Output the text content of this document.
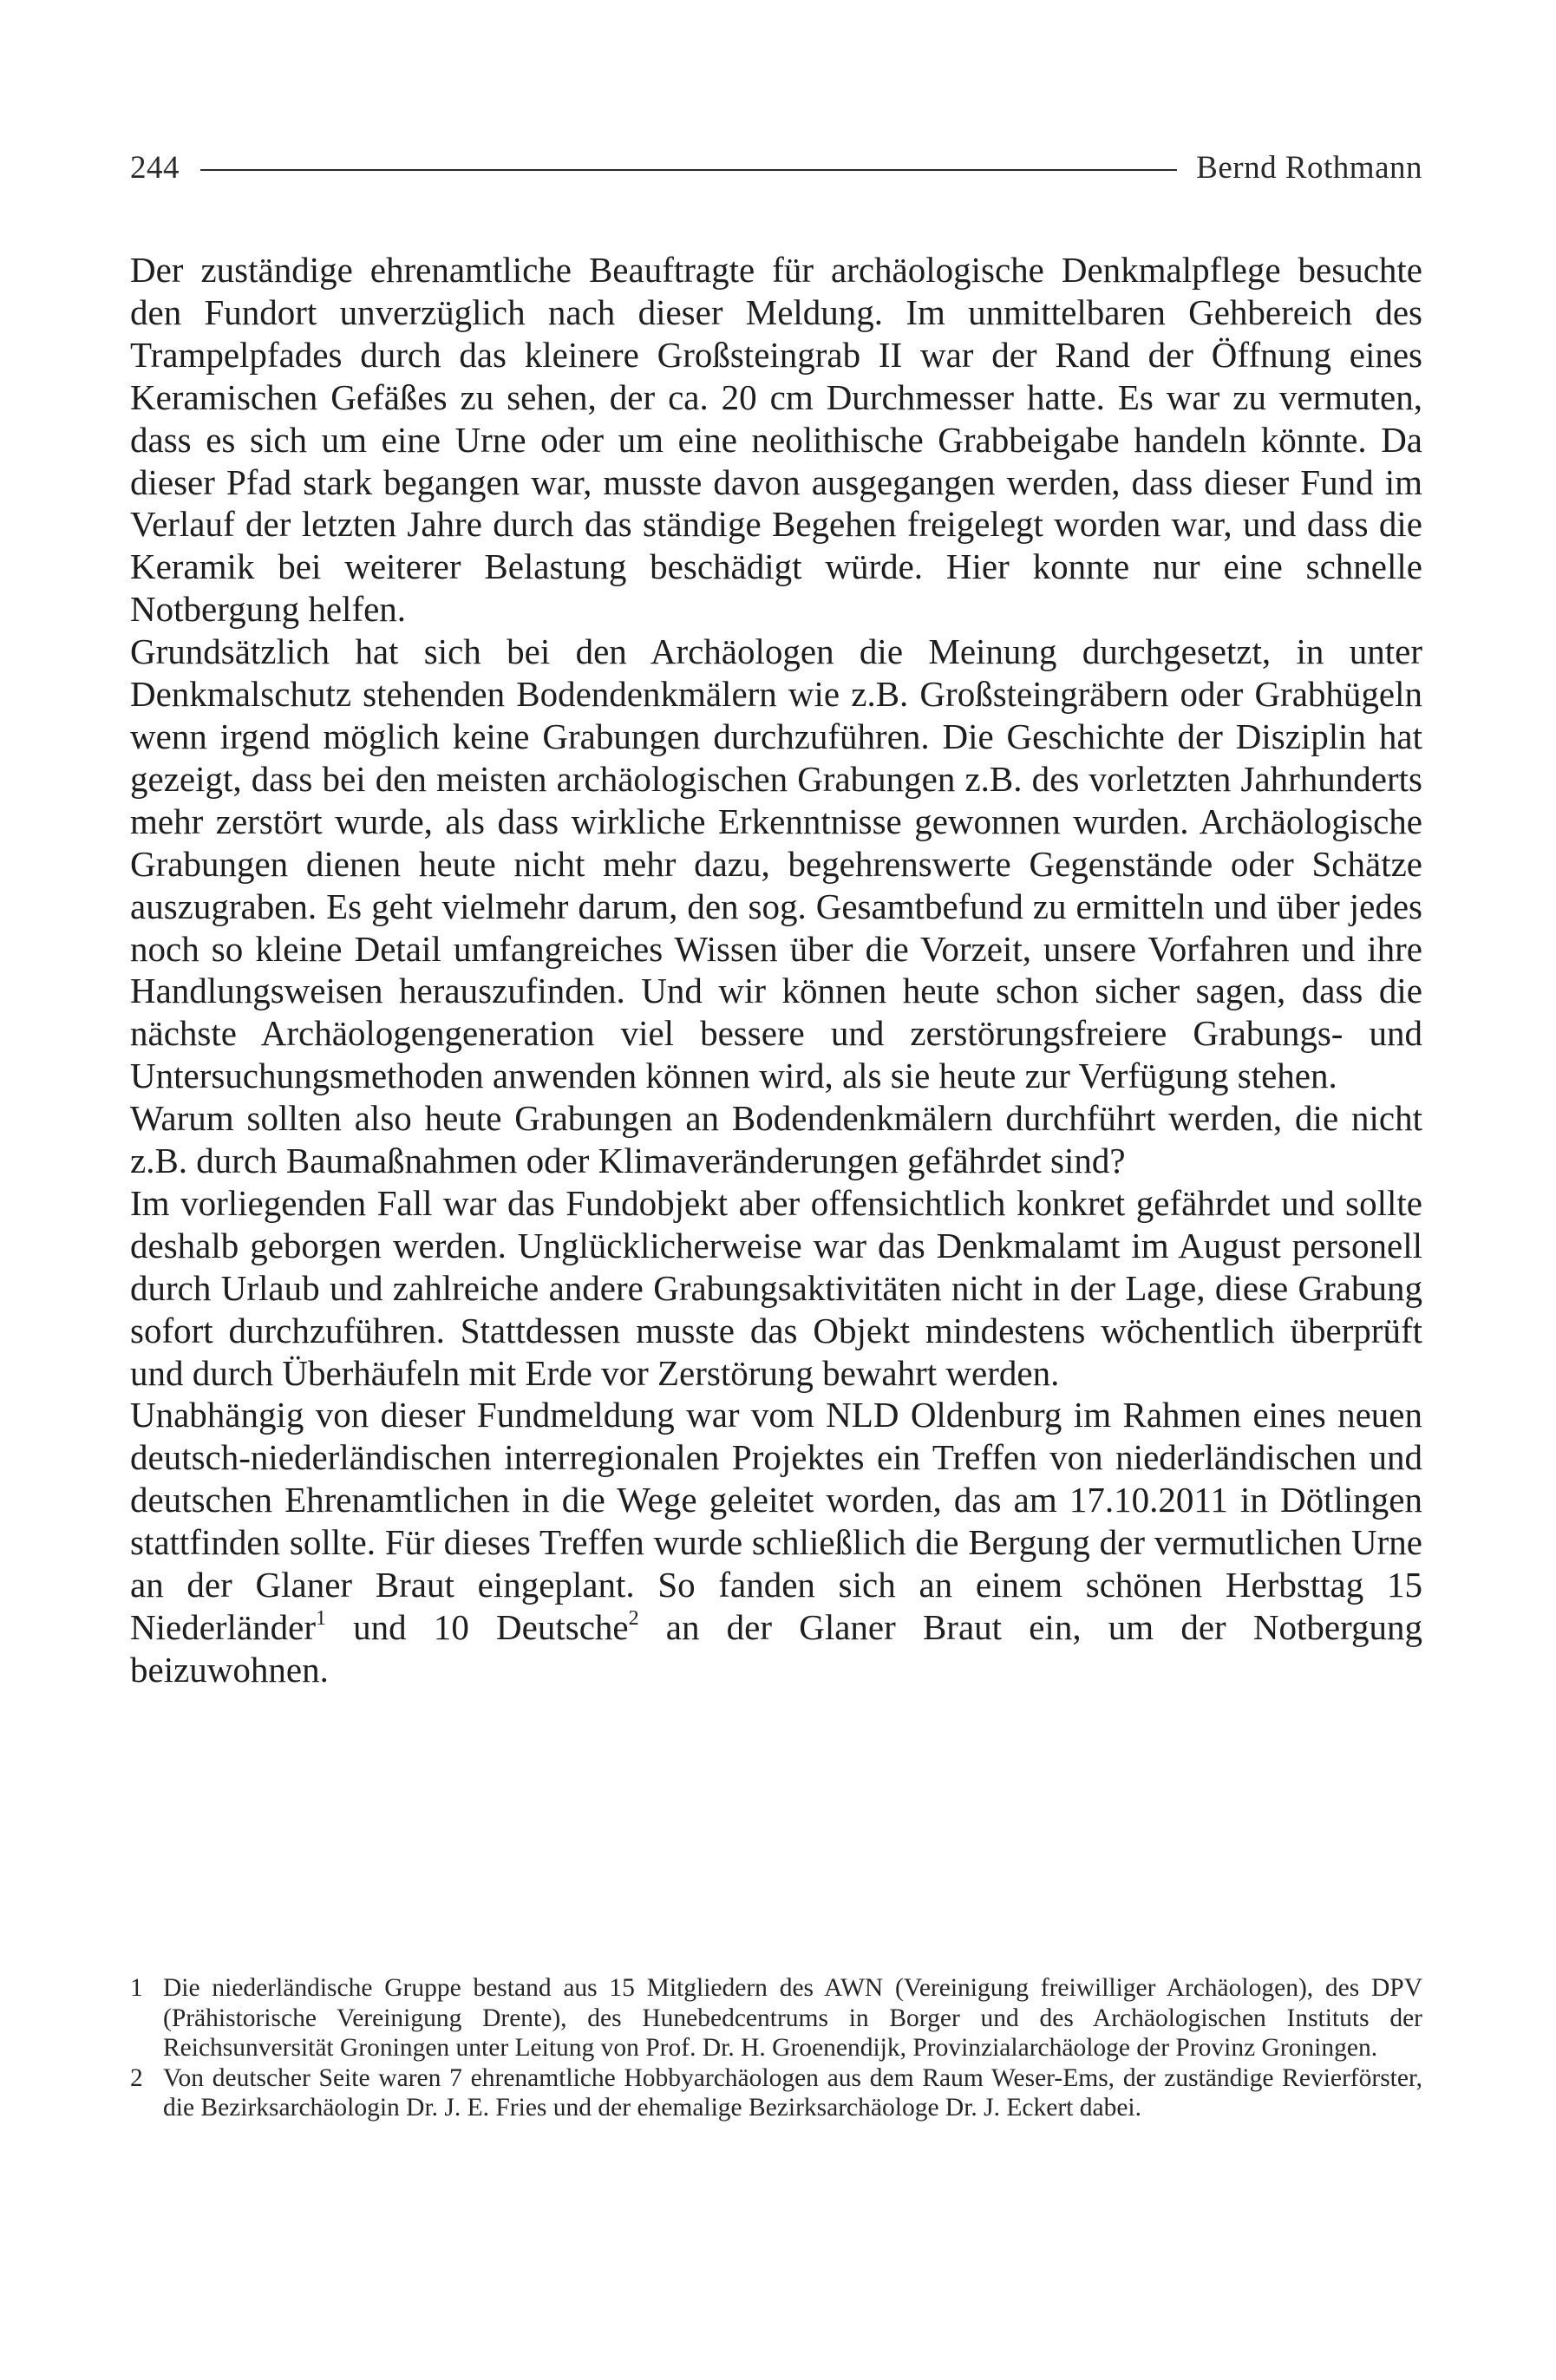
244	Bernd Rothmann

Der zuständige ehrenamtliche Beauftragte für archäologische Denkmalpflege besuchte den Fundort unverzüglich nach dieser Meldung. Im unmittelbaren Gehbereich des Trampelpfades durch das kleinere Großsteingrab II war der Rand der Öffnung eines Keramischen Gefäßes zu sehen, der ca. 20 cm Durchmesser hatte. Es war zu vermuten, dass es sich um eine Urne oder um eine neolithische Grabbeigabe handeln könnte. Da dieser Pfad stark begangen war, musste davon ausgegangen werden, dass dieser Fund im Verlauf der letzten Jahre durch das ständige Begehen freigelegt worden war, und dass die Keramik bei weiterer Belastung beschädigt würde. Hier konnte nur eine schnelle Notbergung helfen.

Grundsätzlich hat sich bei den Archäologen die Meinung durchgesetzt, in unter Denkmalschutz stehenden Bodendenkmälern wie z.B. Großsteingräbern oder Grabhügeln wenn irgend möglich keine Grabungen durchzuführen. Die Geschichte der Disziplin hat gezeigt, dass bei den meisten archäologischen Grabungen z.B. des vorletzten Jahrhunderts mehr zerstört wurde, als dass wirkliche Erkenntnisse gewonnen wurden. Archäologische Grabungen dienen heute nicht mehr dazu, begehrenswerte Gegenstände oder Schätze auszugraben. Es geht vielmehr darum, den sog. Gesamtbefund zu ermitteln und über jedes noch so kleine Detail umfangreiches Wissen über die Vorzeit, unsere Vorfahren und ihre Handlungsweisen herauszufinden. Und wir können heute schon sicher sagen, dass die nächste Archäologengeneration viel bessere und zerstörungsfreiere Grabungs- und Untersuchungsmethoden anwenden können wird, als sie heute zur Verfügung stehen.

Warum sollten also heute Grabungen an Bodendenkmälern durchführt werden, die nicht z.B. durch Baumaßnahmen oder Klimaveränderungen gefährdet sind?

Im vorliegenden Fall war das Fundobjekt aber offensichtlich konkret gefährdet und sollte deshalb geborgen werden. Unglücklicherweise war das Denkmalamt im August personell durch Urlaub und zahlreiche andere Grabungsaktivitäten nicht in der Lage, diese Grabung sofort durchzuführen. Stattdessen musste das Objekt mindestens wöchentlich überprüft und durch Überhäufeln mit Erde vor Zerstörung bewahrt werden.

Unabhängig von dieser Fundmeldung war vom NLD Oldenburg im Rahmen eines neuen deutsch-niederländischen interregionalen Projektes ein Treffen von niederländischen und deutschen Ehrenamtlichen in die Wege geleitet worden, das am 17.10.2011 in Dötlingen stattfinden sollte. Für dieses Treffen wurde schließlich die Bergung der vermutlichen Urne an der Glaner Braut eingeplant. So fanden sich an einem schönen Herbsttag 15 Niederländer$^1$ und 10 Deutsche$^2$ an der Glaner Braut ein, um der Notbergung beizuwohnen.

1 Die niederländische Gruppe bestand aus 15 Mitgliedern des AWN (Vereinigung freiwilliger Archäologen), des DPV (Prähistorische Vereinigung Drente), des Hunebedcentrums in Borger und des Archäologischen Instituts der Reichsunversität Groningen unter Leitung von Prof. Dr. H. Groenendijk, Provinzialarchäologe der Provinz Groningen.
2 Von deutscher Seite waren 7 ehrenamtliche Hobbyarchäologen aus dem Raum Weser-Ems, der zuständige Revierförster, die Bezirksarchäologin Dr. J. E. Fries und der ehemalige Bezirksarchäologe Dr. J. Eckert dabei.
